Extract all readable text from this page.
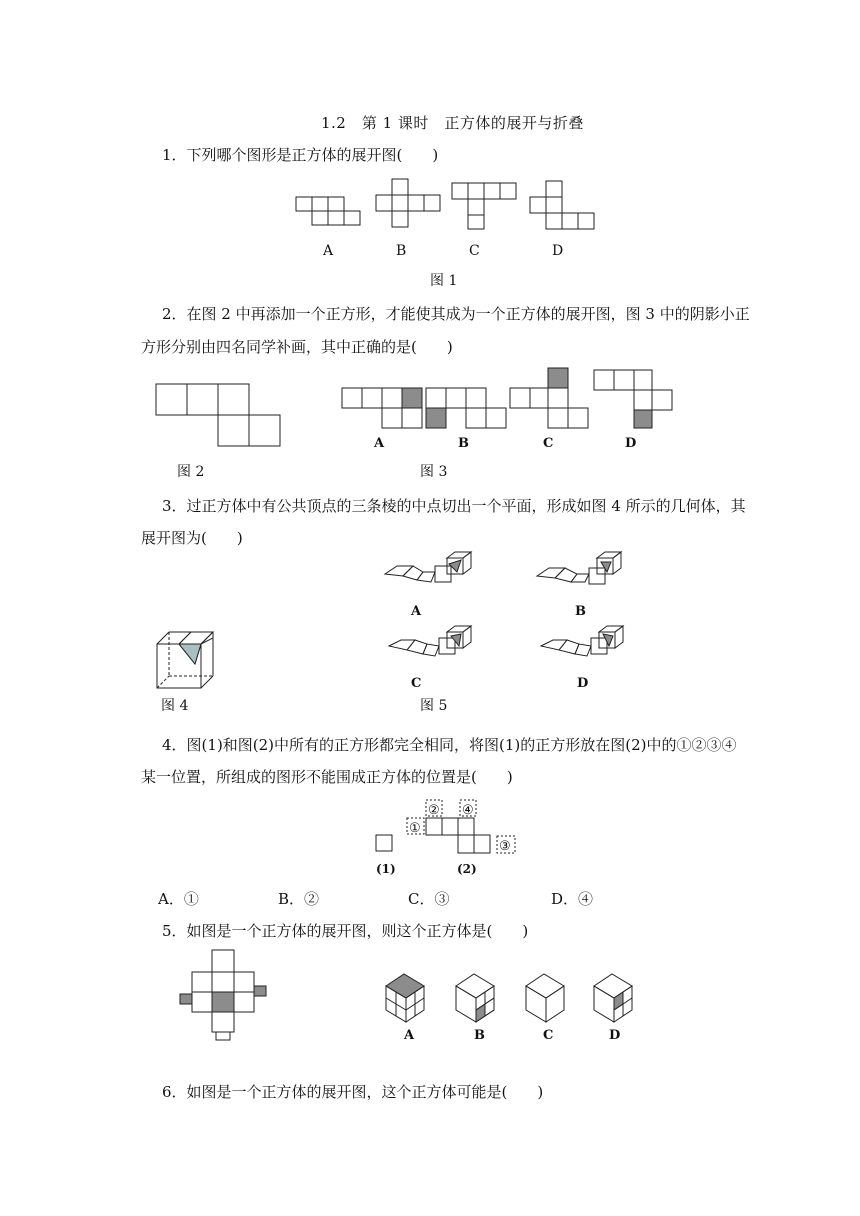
1.2　第 1 课时　正方体的展开与折叠
1．下列哪个图形是正方体的展开图(　　)
A	B	C	D
图 1
2．在图 2 中再添加一个正方形，才能使其成为一个正方体的展开图，图 3 中的阴影小正
方形分别由四名同学补画，其中正确的是(　　)
A	B	C	D
图 2	图 3
3．过正方体中有公共顶点的三条棱的中点切出一个平面，形成如图 4 所示的几何体，其
展开图为(　　)
图 4
A	B
C	D
图 5
4．图(1)和图(2)中所有的正方形都完全相同，将图(1)的正方形放在图(2)中的①②③④
某一位置，所组成的图形不能围成正方体的位置是(　　)
①
②
③
④
(1)	(2)
A．①	B．②	C．③	D．④
5．如图是一个正方体的展开图，则这个正方体是(　　)
A	B	C	D
6．如图是一个正方体的展开图，这个正方体可能是(　　)
